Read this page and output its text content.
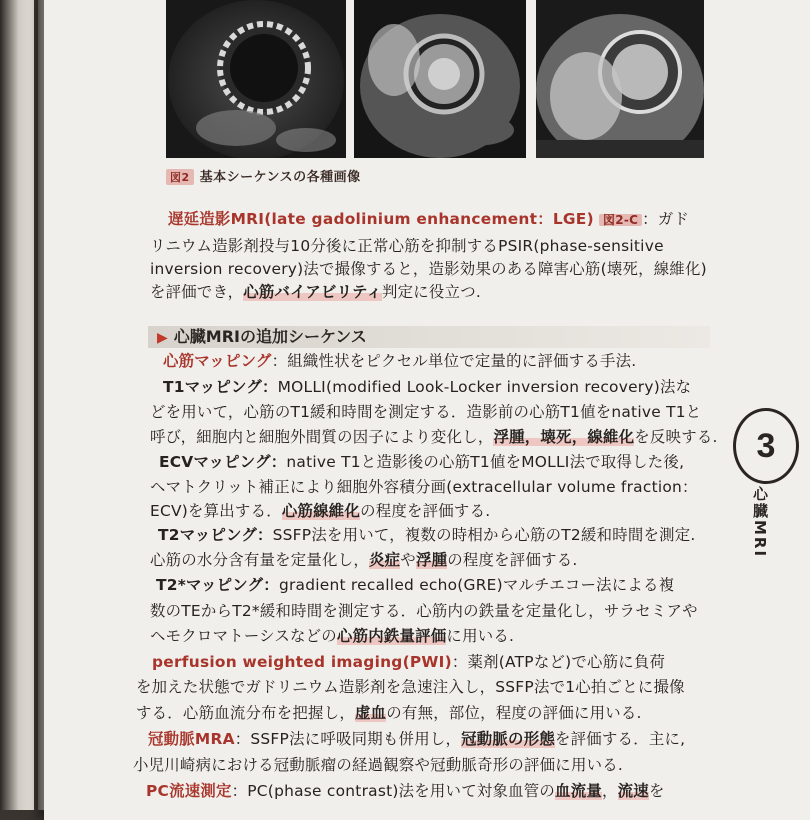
図2 基本シーケンスの各種画像
遅延造影MRI(late gadolinium enhancement：LGE) 図2-C ：ガド
リニウム造影剤投与10分後に正常心筋を抑制するPSIR(phase-sensitive
inversion recovery)法で撮像すると，造影効果のある障害心筋(壊死，線維化)
を評価でき，心筋バイアビリティ判定に役立つ.
▶ 心臓MRIの追加シーケンス
心筋マッピング：組織性状をピクセル単位で定量的に評価する手法.
T1マッピング：MOLLI(modified Look-Locker inversion recovery)法な
どを用いて，心筋のT1緩和時間を測定する．造影前の心筋T1値をnative T1と
呼び，細胞内と細胞外間質の因子により変化し，浮腫，壊死，線維化を反映する.
ECVマッピング：native T1と造影後の心筋T1値をMOLLI法で取得した後,
ヘマトクリット補正により細胞外容積分画(extracellular volume fraction：
ECV)を算出する．心筋線維化の程度を評価する.
T2マッピング：SSFP法を用いて，複数の時相から心筋のT2緩和時間を測定.
心筋の水分含有量を定量化し，炎症や浮腫の程度を評価する.
T2*マッピング：gradient recalled echo(GRE)マルチエコー法による複
数のTEからT2*緩和時間を測定する．心筋内の鉄量を定量化し，サラセミアや
ヘモクロマトーシスなどの心筋内鉄量評価に用いる.
perfusion weighted imaging(PWI)：薬剤(ATPなど)で心筋に負荷
を加えた状態でガドリニウム造影剤を急速注入し，SSFP法で1心拍ごとに撮像
する．心筋血流分布を把握し，虚血の有無，部位，程度の評価に用いる.
冠動脈MRA：SSFP法に呼吸同期も併用し，冠動脈の形態を評価する．主に,
小児川崎病における冠動脈瘤の経過観察や冠動脈奇形の評価に用いる.
PC流速測定：PC(phase contrast)法を用いて対象血管の血流量，流速を
3
心臓MRI
